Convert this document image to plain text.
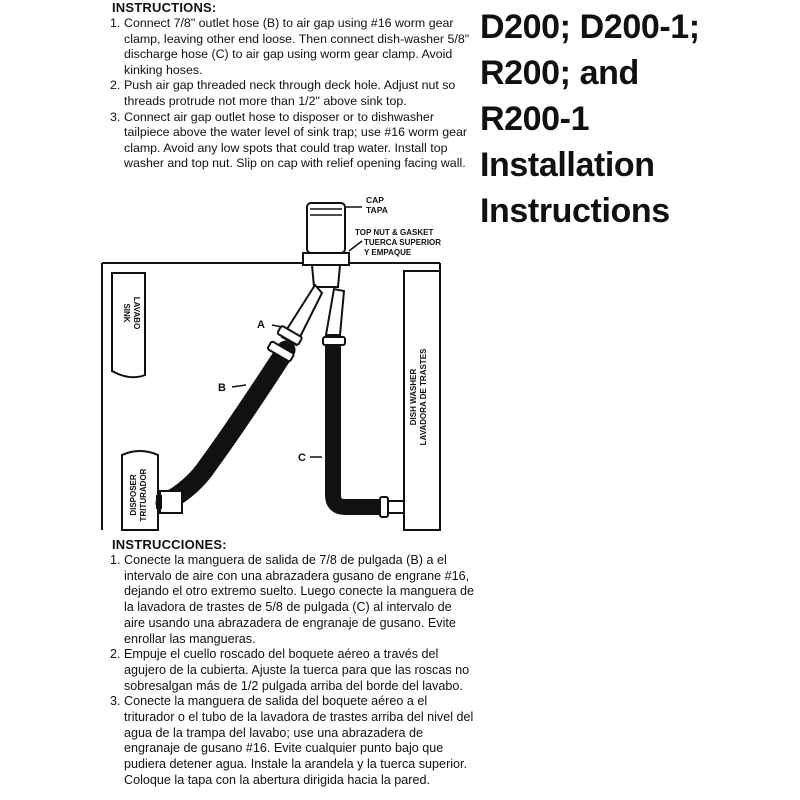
INSTRUCTIONS:
1. Connect 7/8" outlet hose (B) to air gap using #16 worm gear clamp, leaving other end loose. Then connect dish-washer 5/8" discharge hose (C) to air gap using worm gear clamp. Avoid kinking hoses.
2. Push air gap threaded neck through deck hole. Adjust nut so threads protrude not more than 1/2" above sink top.
3. Connect air gap outlet hose to disposer or to dishwasher tailpiece above the water level of sink trap; use #16 worm gear clamp. Avoid any low spots that could trap water. Install top washer and top nut. Slip on cap with relief opening facing wall.
D200; D200-1;
R200; and
R200-1
Installation
Instructions
CAP
TAPA
TOP NUT & GASKET
TUERCA SUPERIOR
Y EMPAQUE
A
B
C
SINK LAVABO
DISH WASHER LAVADORA DE TRASTES
DISPOSER TRITURADOR
INSTRUCCIONES:
1. Conecte la manguera de salida de 7/8 de pulgada (B) a el intervalo de aire con una abrazadera gusano de engrane #16, dejando el otro extremo suelto. Luego conecte la manguera de la lavadora de trastes de 5/8 de pulgada (C) al intervalo de aire usando una abrazadera de engranaje de gusano. Evite enrollar las mangueras.
2. Empuje el cuello roscado del boquete aéreo a través del agujero de la cubierta. Ajuste la tuerca para que las roscas no sobresalgan más de 1/2 pulgada arriba del borde del lavabo.
3. Conecte la manguera de salida del boquete aéreo a el triturador o el tubo de la lavadora de trastes arriba del nivel del agua de la trampa del lavabo; use una abrazadera de engranaje de gusano #16. Evite cualquier punto bajo que pudiera detener agua. Instale la arandela y la tuerca superior. Coloque la tapa con la abertura dirigida hacia la pared.
